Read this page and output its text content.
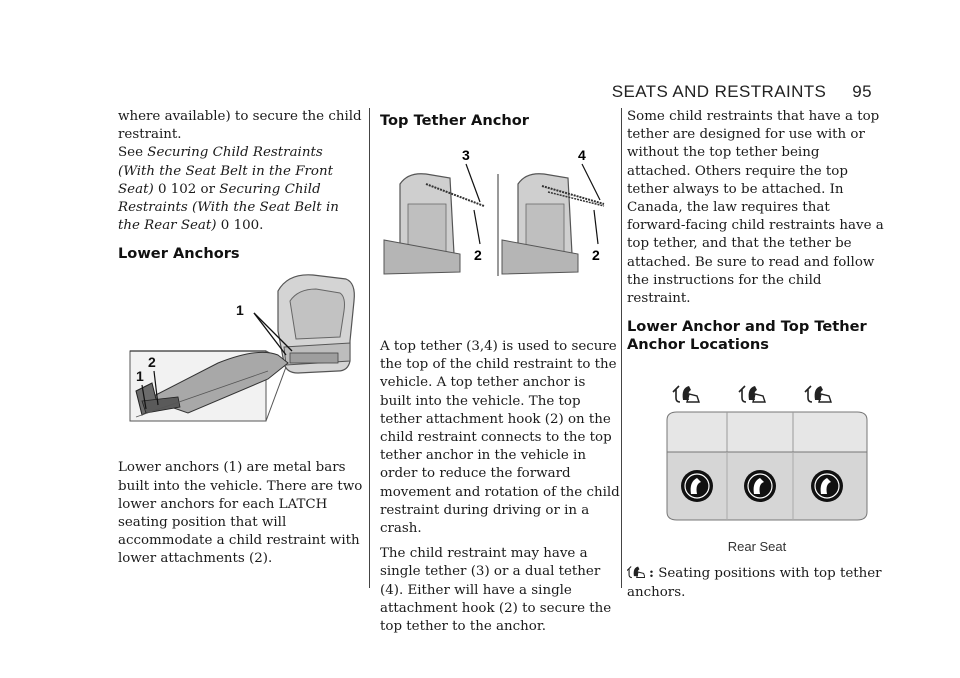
SEATS AND RESTRAINTS 95

where available) to secure the child restraint.
See Securing Child Restraints (With the Seat Belt in the Front Seat) 0 102 or Securing Child Restraints (With the Seat Belt in the Rear Seat) 0 100.

Lower Anchors
1
2
1

Lower anchors (1) are metal bars built into the vehicle. There are two lower anchors for each LATCH seating position that will accommodate a child restraint with lower attachments (2).

Top Tether Anchor
3
2
4
2

A top tether (3,4) is used to secure the top of the child restraint to the vehicle. A top tether anchor is built into the vehicle. The top tether attachment hook (2) on the child restraint connects to the top tether anchor in the vehicle in order to reduce the forward movement and rotation of the child restraint during driving or in a crash.

The child restraint may have a single tether (3) or a dual tether (4). Either will have a single attachment hook (2) to secure the top tether to the anchor.

Some child restraints that have a top tether are designed for use with or without the top tether being attached. Others require the top tether always to be attached. In Canada, the law requires that forward-facing child restraints have a top tether, and that the tether be attached. Be sure to read and follow the instructions for the child restraint.

Lower Anchor and Top Tether Anchor Locations
Rear Seat

: Seating positions with top tether anchors.
